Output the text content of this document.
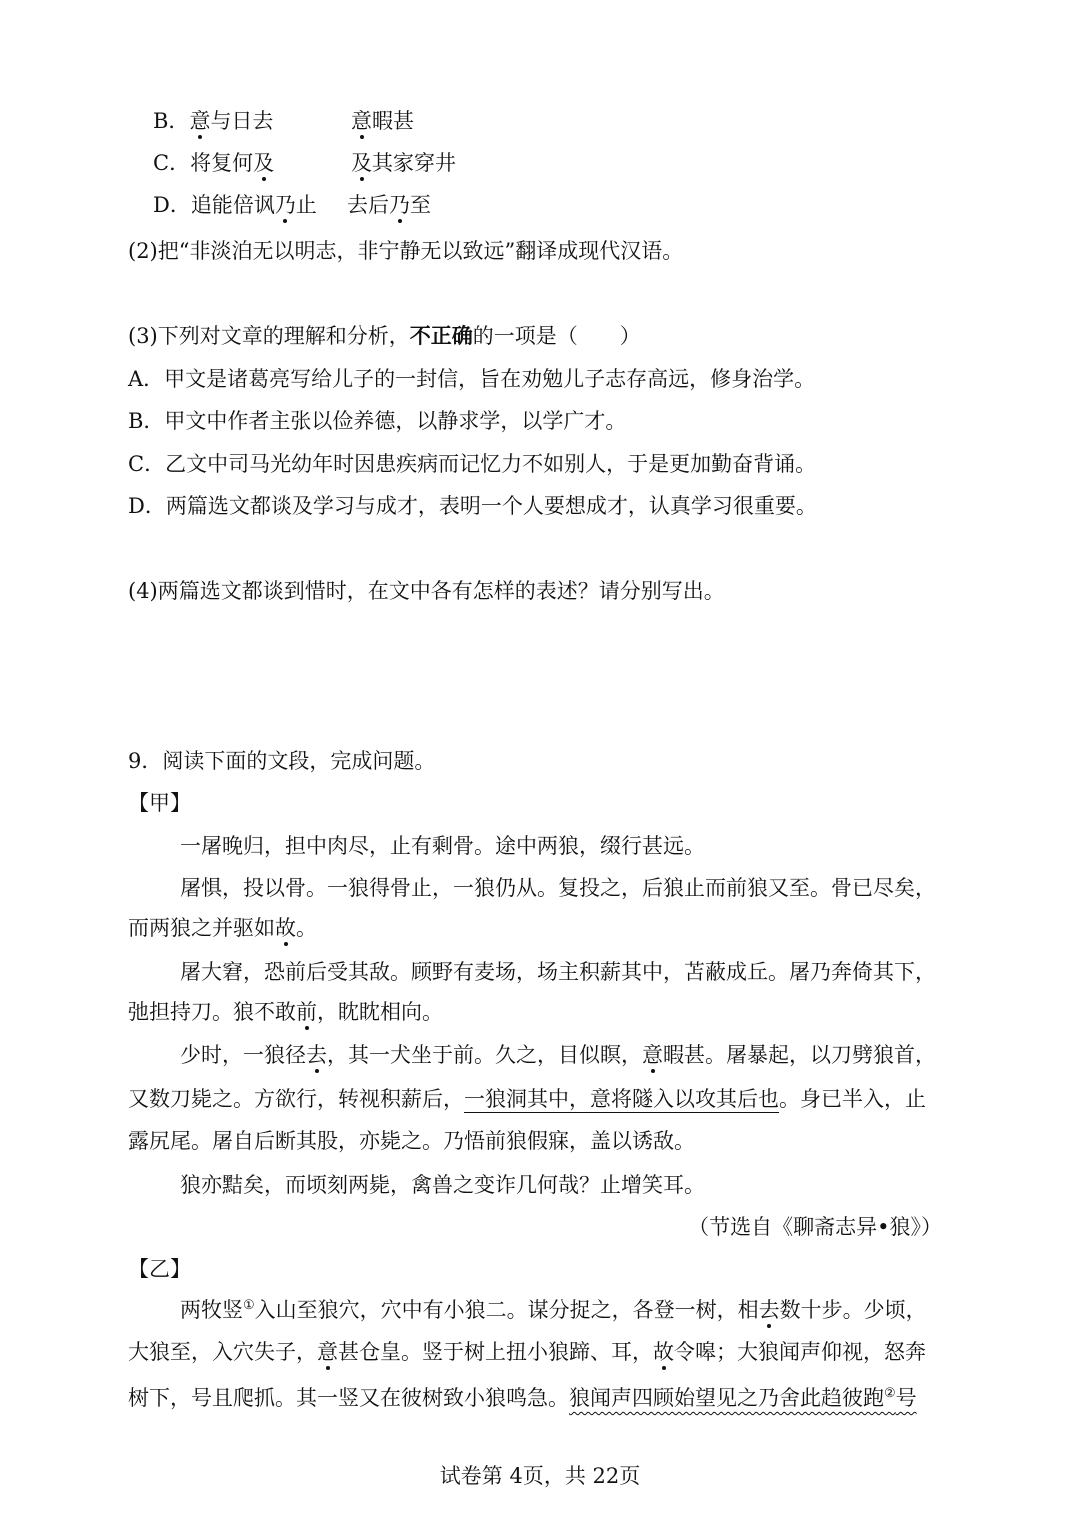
B．意与日去	意暇甚
C．将复何及	及其家穿井
D．追能倍讽乃止 去后乃至
(2)把“非淡泊无以明志，非宁静无以致远”翻译成现代汉语。
(3)下列对文章的理解和分析，不正确的一项是（　　）
A．甲文是诸葛亮写给儿子的一封信，旨在劝勉儿子志存高远，修身治学。
B．甲文中作者主张以俭养德，以静求学，以学广才。
C．乙文中司马光幼年时因患疾病而记忆力不如别人，于是更加勤奋背诵。
D．两篇选文都谈及学习与成才，表明一个人要想成才，认真学习很重要。
(4)两篇选文都谈到惜时，在文中各有怎样的表述？请分别写出。
9．阅读下面的文段，完成问题。
【甲】
一屠晚归，担中肉尽，止有剩骨。途中两狼，缀行甚远。
屠惧，投以骨。一狼得骨止，一狼仍从。复投之，后狼止而前狼又至。骨已尽矣，
而两狼之并驱如故。
屠大窘，恐前后受其敌。顾野有麦场，场主积薪其中，苫蔽成丘。屠乃奔倚其下，
弛担持刀。狼不敢前，眈眈相向。
少时，一狼径去，其一犬坐于前。久之，目似瞑，意暇甚。屠暴起，以刀劈狼首，
又数刀毙之。方欲行，转视积薪后，一狼洞其中，意将隧入以攻其后也。身已半入，止
露尻尾。屠自后断其股，亦毙之。乃悟前狼假寐，盖以诱敌。
狼亦黠矣，而顷刻两毙，禽兽之变诈几何哉？止增笑耳。
（节选自《聊斋志异•狼》）
【乙】
两牧竖①入山至狼穴，穴中有小狼二。谋分捉之，各登一树，相去数十步。少顷，
大狼至，入穴失子，意甚仓皇。竖于树上扭小狼蹄、耳，故令嗥；大狼闻声仰视，怒奔
树下，号且爬抓。其一竖又在彼树致小狼鸣急。狼闻声四顾始望见之乃舍此趋彼跑②号
试卷第 4页，共 22页
